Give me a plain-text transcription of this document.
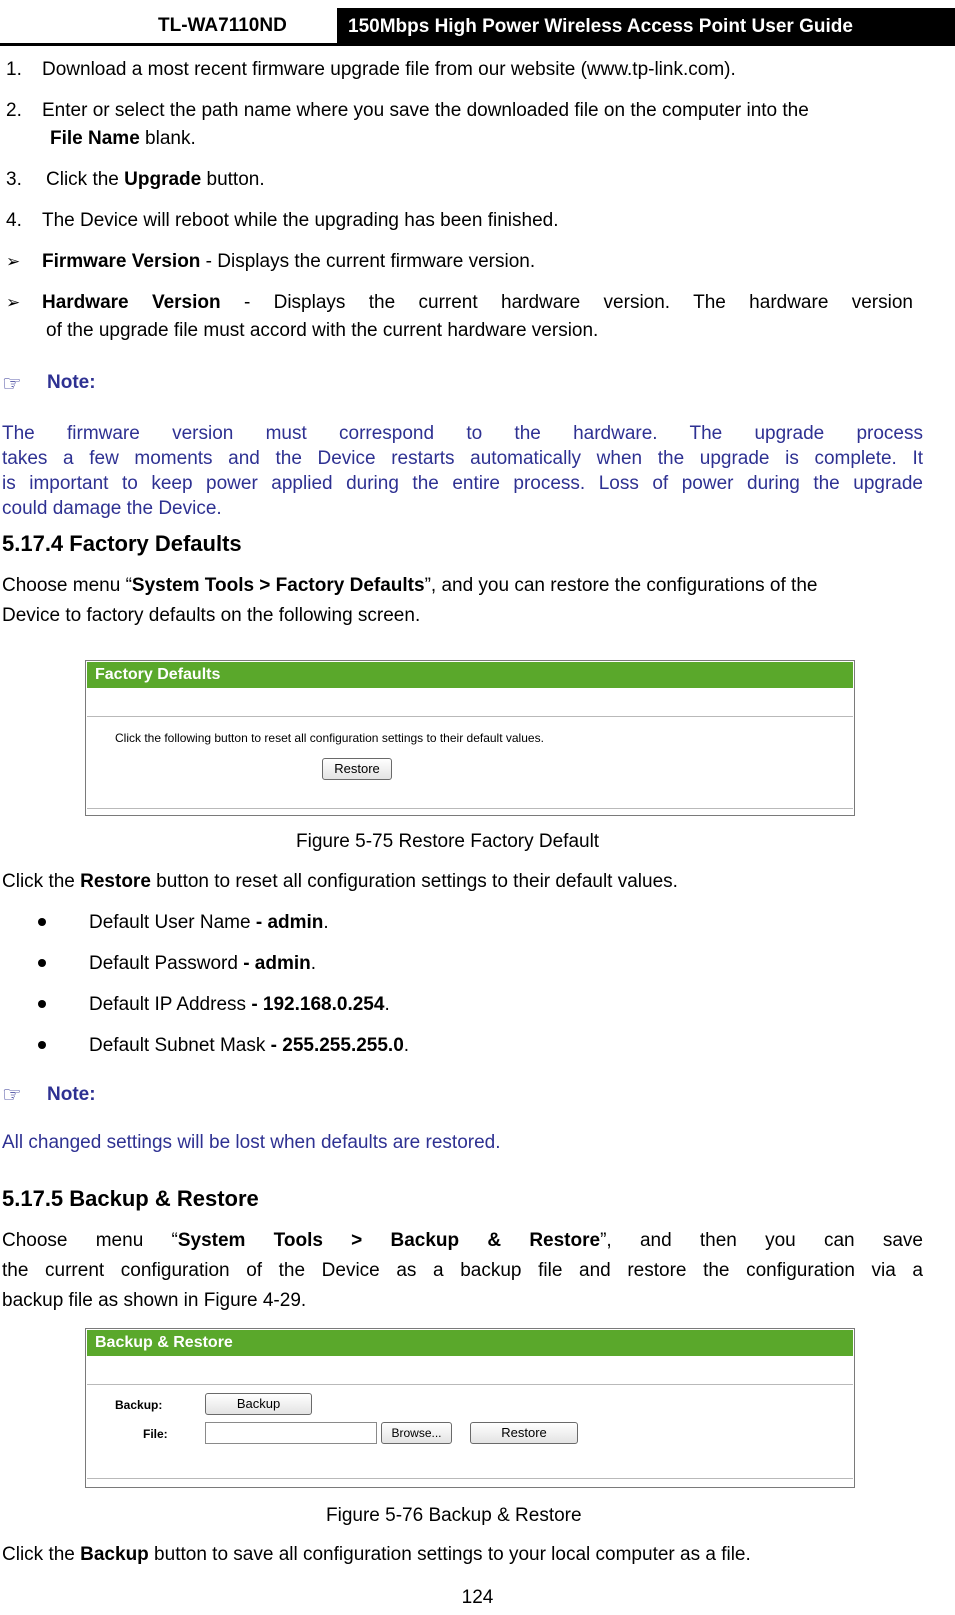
TL-WA7110ND	150Mbps High Power Wireless Access Point User Guide
1. Download a most recent firmware upgrade file from our website (www.tp-link.com).
2. Enter or select the path name where you save the downloaded file on the computer into the
File Name blank.
3. Click the Upgrade button.
4. The Device will reboot while the upgrading has been finished.
➢ Firmware Version - Displays the current firmware version.
➢ Hardware Version - Displays the current hardware version. The hardware version
of the upgrade file must accord with the current hardware version.
☞ Note:
The firmware version must correspond to the hardware. The upgrade process
takes a few moments and the Device restarts automatically when the upgrade is complete. It
is important to keep power applied during the entire process. Loss of power during the upgrade
could damage the Device.
5.17.4 Factory Defaults
Choose menu “System Tools > Factory Defaults”, and you can restore the configurations of the
Device to factory defaults on the following screen.
Factory Defaults
Click the following button to reset all configuration settings to their default values.
Restore
Figure 5-75 Restore Factory Default
Click the Restore button to reset all configuration settings to their default values.
Default User Name - admin.
Default Password - admin.
Default IP Address - 192.168.0.254.
Default Subnet Mask - 255.255.255.0.
☞ Note:
All changed settings will be lost when defaults are restored.
5.17.5 Backup & Restore
Choose menu “System Tools > Backup & Restore”, and then you can save
the current configuration of the Device as a backup file and restore the configuration via a
backup file as shown in Figure 4-29.
Backup & Restore
Backup:	Backup
File:	Browse...	Restore
Figure 5-76 Backup & Restore
Click the Backup button to save all configuration settings to your local computer as a file.
124
